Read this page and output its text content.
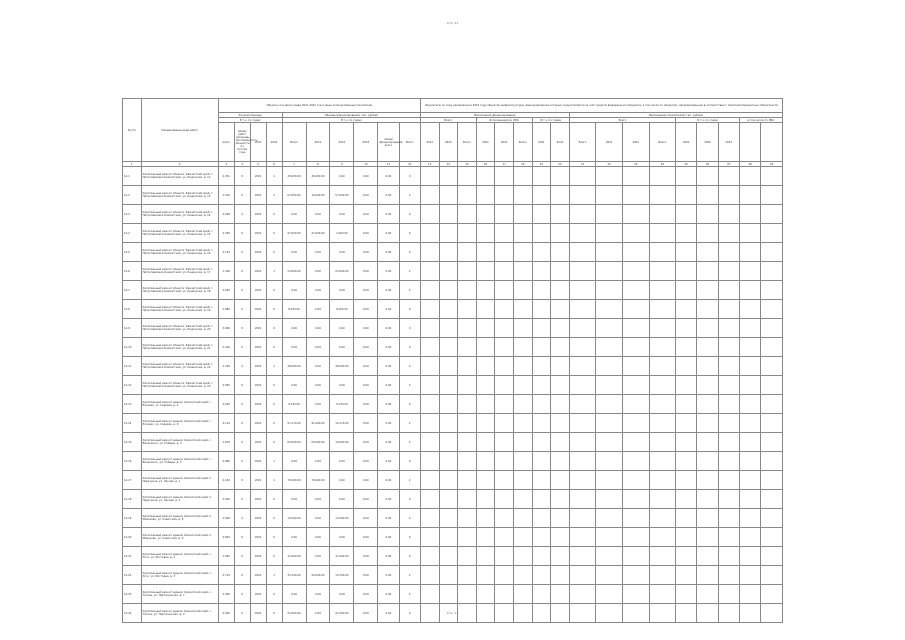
Стр. 11
№ п/п	Наименование вида работ	Объекты основного вида 2021-2022 год и иные количественные показатели										Результаты по ходу реализации в 2022 году объектов инфраструктуры, финансирование которых осуществляется за счёт средств федерального бюджета, в том числе по объектам, сформированным в соответствии с лимитами бюджетных обязательств																
		Количественные				Объемы финансирования, тыс. рублей						Выполнение финансирования								Выполнение показателей, тыс. рублей								
		В т.ч. по годам				В т.ч. по годам						Всего			Исполнение/осв. ЛБО			В т.ч. по годам		Всего				В т.ч. по годам			в том числе по ЛБО	
		всего	объём работ (площадь, протяжённость, мощность) по итогам года	2021	2022	Всего	2021	2022	2023	объём финансирования всего	Всего	2021	2022	Всего	2021	2022	Всего	2021	2022	Всего	2021	2022	Всего	2021	2022	2023		
1	2	3	4	5	6	7	8	9	10	11	12	13	14	15	16	17	18	19	20	21	22	23	24	25	26	27	28	29
14.1	Капитальный ремонт объекта: Камчатский край, г. Петропавловск-Камчатский, ул. Ленинская, д. 12	2,351	0	2022	1	45,000.00	45,000.00	0.00	0.00	0.00	0																	
14.2	Капитальный ремонт объекта: Камчатский край, г. Петропавловск-Камчатский, ул. Ленинская, д. 13	1,910	0	2022	2	67,000.00	10,000.00	57,000.00	0.00	0.00	2																	
14.3	Капитальный ремонт объекта: Камчатский край, г. Петропавловск-Камчатский, ул. Ленинская, д. 14	3,028	0	2022	0	0.00	0.00	0.00	0.00	0.00	0																	
14.4	Капитальный ремонт объекта: Камчатский край, г. Петропавловск-Камчатский, ул. Ленинская, д. 15	4,760	0	2022	0	97,000.00	47,000.00	1,000.00	0.00	0.00	0																	
14.5	Капитальный ремонт объекта: Камчатский край, г. Петропавловск-Камчатский, ул. Ленинская, д. 16	2,130	0	2022	0	0.00	0.00	0.00	0.00	0.00	0																	
14.6	Капитальный ремонт объекта: Камчатский край, г. Петропавловск-Камчатский, ул. Ленинская, д. 17	1,340	0	2022	1	23,000.00	0.00	23,000.00	0.00	0.00	2																	
14.7	Капитальный ремонт объекта: Камчатский край, г. Петропавловск-Камчатский, ул. Ленинская, д. 18	2,620	0	2022	0	0.00	0.00	0.00	0.00	0.00	2																	
14.8	Капитальный ремонт объекта: Камчатский край, г. Петропавловск-Камчатский, ул. Ленинская, д. 19	1,880	0	2022	0	8,250.00	0.00	8,250.00	0.00	0.00	0																	
14.9	Капитальный ремонт объекта: Камчатский край, г. Петропавловск-Камчатский, ул. Ленинская, д. 20	3,090	0	2022	0	0.00	0.00	0.00	0.00	0.00	0																	
14.10	Капитальный ремонт объекта: Камчатский край, г. Петропавловск-Камчатский, ул. Ленинская, д. 21	2,410	0	2022	0	0.00	0.00	0.00	0.00	0.00	0																	
14.11	Капитальный ремонт объекта: Камчатский край, г. Петропавловск-Камчатский, ул. Ленинская, д. 22	1,760	0	2022	1	38,000.00	0.00	38,000.00	0.00	0.00	2																	
14.12	Капитальный ремонт объекта: Камчатский край, г. Петропавловск-Камчатский, ул. Ленинская, д. 23	2,050	0	2022	0	0.00	0.00	0.00	0.00	0.00	2																	
14.13	Капитальный ремонт здания: Камчатский край, г. Елизово, ул. Садовая, д. 4	2,240	0	2022	0	9,130.00	0.00	9,130.00	0.00	0.00	0																	
14.14	Капитальный ремонт здания: Камчатский край, г. Елизово, ул. Садовая, д. 6	4,110	0	2022	0	51,170.00	41,000.00	10,170.00	0.00	0.00	2																	
14.15	Капитальный ремонт здания: Камчатский край, г. Вилючинск, ул. Победы, д. 3	1,870	0	2022	0	65,000.00	55,000.00	10,000.00	0.00	0.00	2																	
14.16	Капитальный ремонт здания: Камчатский край, г. Вилючинск, ул. Победы, д. 5	2,960	0	2022	1	0.00	0.00	0.00	0.00	0.00	0																	
14.17	Капитальный ремонт здания: Камчатский край, п. Паратунка, ул. Лесная, д. 1	2,140	0	2022	1	70,000.00	70,000.00	0.00	0.00	0.00	2																	
14.18	Капитальный ремонт здания: Камчатский край, п. Паратунка, ул. Лесная, д. 2	3,020	0	2022	0	0.00	0.00	0.00	0.00	0.00	0																	
14.19	Капитальный ремонт здания: Камчатский край, п. Мильково, ул. Советская, д. 8	1,590	0	2022	0	14,200.00	0.00	14,200.00	0.00	0.00	2																	
14.20	Капитальный ремонт здания: Камчатский край, п. Мильково, ул. Советская, д. 9	2,820	0	2022	0	0.00	0.00	0.00	0.00	0.00	0																	
14.21	Капитальный ремонт здания: Камчатский край, с. Эссо, ул. Мостовая, д. 2	1,990	0	2022	0	11,000.00	0.00	11,000.00	0.00	0.00	0																	
14.22	Капитальный ремонт здания: Камчатский край, с. Эссо, ул. Мостовая, д. 3	2,710	0	2022	1	33,150.00	20,000.00	13,150.00	0.00	0.00	2																	
14.23	Капитальный ремонт здания: Камчатский край, с. Тигиль, ул. Партизанская, д. 7	2,300	0	2022	0	0.00	0.00	0.00	0.00	0.00	2																	
14.24	Капитальный ремонт здания: Камчатский край, с. Тигиль, ул. Партизанская, д. 9	2,040	0	2022	0	21,600.00	0.00	21,600.00	0.00	0.00	2																		Стр. 11
